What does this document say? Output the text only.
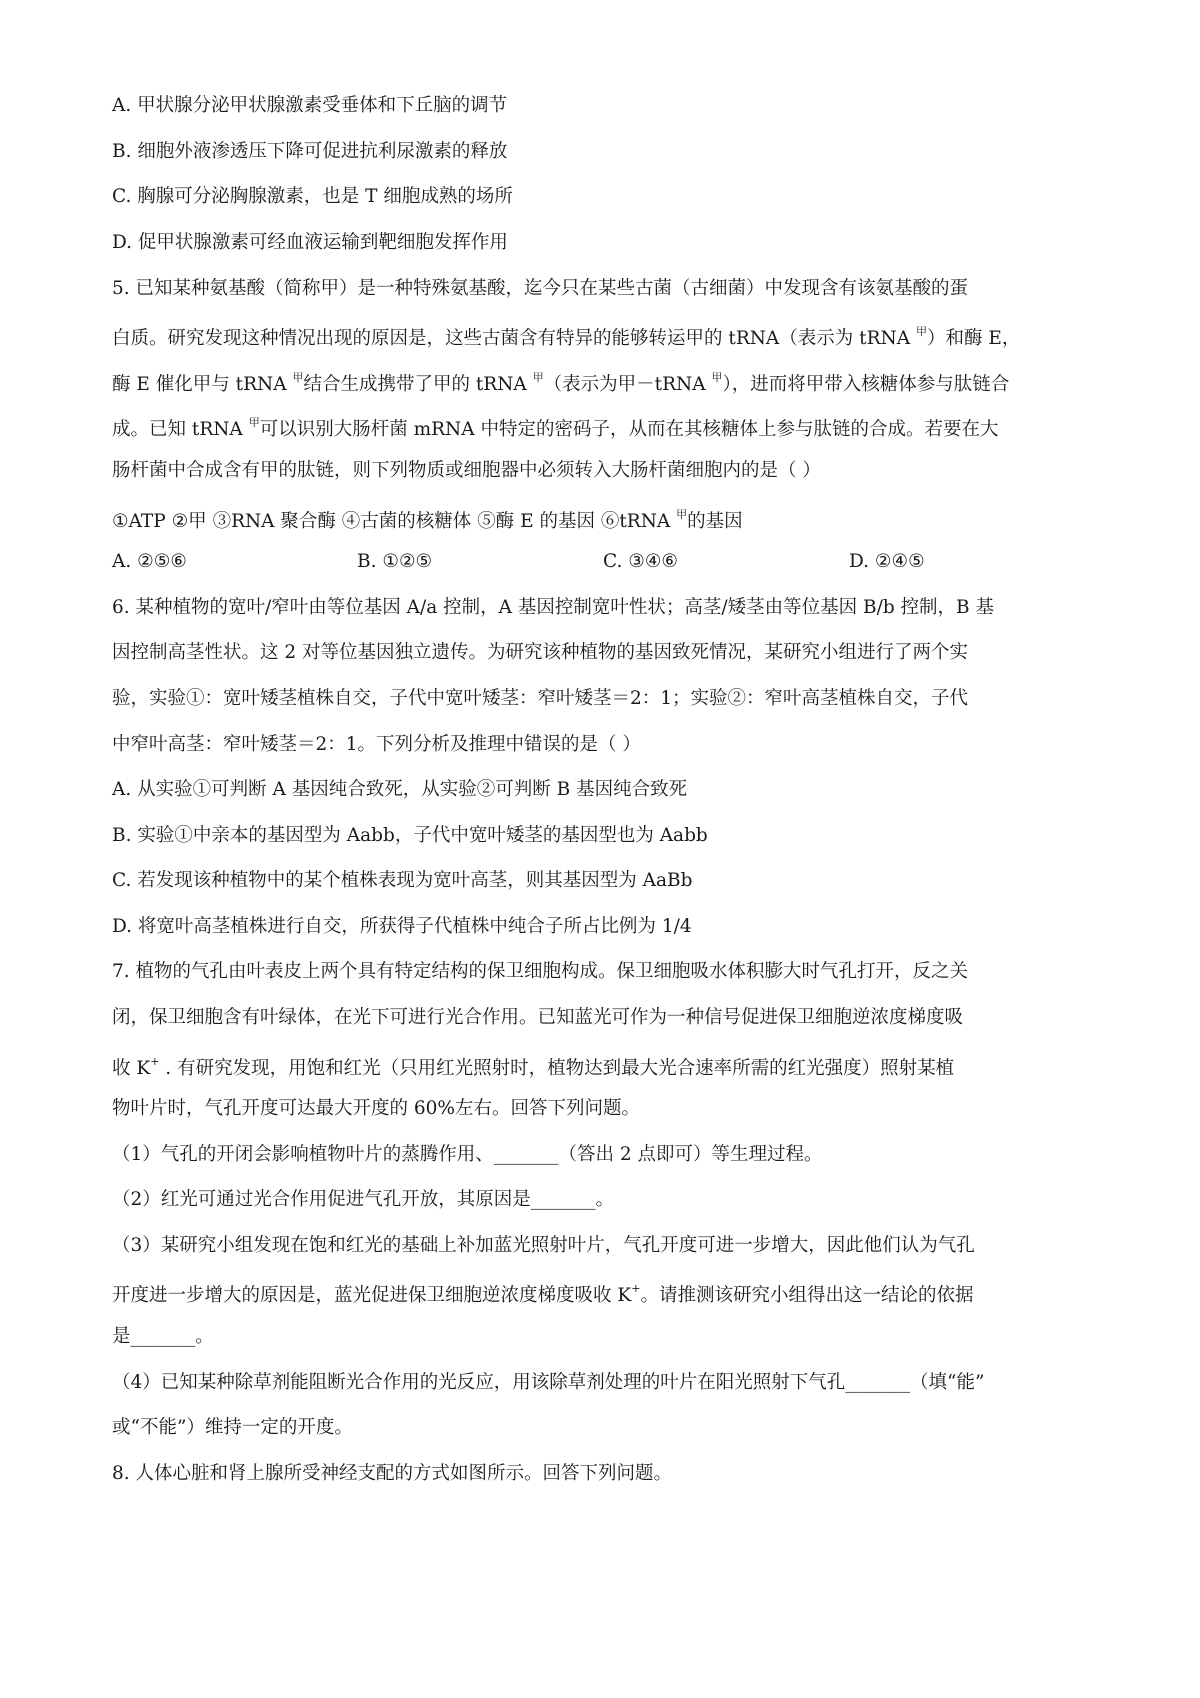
A. 甲状腺分泌甲状腺激素受垂体和下丘脑的调节

B. 细胞外液渗透压下降可促进抗利尿激素的释放

C. 胸腺可分泌胸腺激素，也是 T 细胞成熟的场所

D. 促甲状腺激素可经血液运输到靶细胞发挥作用

5. 已知某种氨基酸（简称甲）是一种特殊氨基酸，迄今只在某些古菌（古细菌）中发现含有该氨基酸的蛋

白质。研究发现这种情况出现的原因是，这些古菌含有特异的能够转运甲的 tRNA（表示为 tRNA $^甲$）和酶 E，

酶 E 催化甲与 tRNA $^甲$结合生成携带了甲的 tRNA $^甲$（表示为甲－tRNA $^甲$），进而将甲带入核糖体参与肽链合

成。已知 tRNA $^甲$可以识别大肠杆菌 mRNA 中特定的密码子，从而在其核糖体上参与肽链的合成。若要在大

肠杆菌中合成含有甲的肽链，则下列物质或细胞器中必须转入大肠杆菌细胞内的是（ ）

①ATP ②甲 ③RNA 聚合酶 ④古菌的核糖体 ⑤酶 E 的基因 ⑥tRNA $^甲$的基因

A. ②⑤⑥	B. ①②⑤	C. ③④⑥	D. ②④⑤

6. 某种植物的宽叶/窄叶由等位基因 A/a 控制，A 基因控制宽叶性状；高茎/矮茎由等位基因 B/b 控制，B 基

因控制高茎性状。这 2 对等位基因独立遗传。为研究该种植物的基因致死情况，某研究小组进行了两个实

验，实验①：宽叶矮茎植株自交，子代中宽叶矮茎：窄叶矮茎＝2：1；实验②：窄叶高茎植株自交，子代

中窄叶高茎：窄叶矮茎＝2：1。下列分析及推理中错误的是（ ）

A. 从实验①可判断 A 基因纯合致死，从实验②可判断 B 基因纯合致死

B. 实验①中亲本的基因型为 Aabb，子代中宽叶矮茎的基因型也为 Aabb

C. 若发现该种植物中的某个植株表现为宽叶高茎，则其基因型为 AaBb

D. 将宽叶高茎植株进行自交，所获得子代植株中纯合子所占比例为 1/4

7. 植物的气孔由叶表皮上两个具有特定结构的保卫细胞构成。保卫细胞吸水体积膨大时气孔打开，反之关

闭，保卫细胞含有叶绿体，在光下可进行光合作用。已知蓝光可作为一种信号促进保卫细胞逆浓度梯度吸

收 K+ . 有研究发现，用饱和红光（只用红光照射时，植物达到最大光合速率所需的红光强度）照射某植

物叶片时，气孔开度可达最大开度的 60%左右。回答下列问题。

（1）气孔的开闭会影响植物叶片的蒸腾作用、_______（答出 2 点即可）等生理过程。

（2）红光可通过光合作用促进气孔开放，其原因是_______。

（3）某研究小组发现在饱和红光的基础上补加蓝光照射叶片，气孔开度可进一步增大，因此他们认为气孔

开度进一步增大的原因是，蓝光促进保卫细胞逆浓度梯度吸收 K+。请推测该研究小组得出这一结论的依据

是_______。

（4）已知某种除草剂能阻断光合作用的光反应，用该除草剂处理的叶片在阳光照射下气孔_______（填“能”

或“不能”）维持一定的开度。

8. 人体心脏和肾上腺所受神经支配的方式如图所示。回答下列问题。
